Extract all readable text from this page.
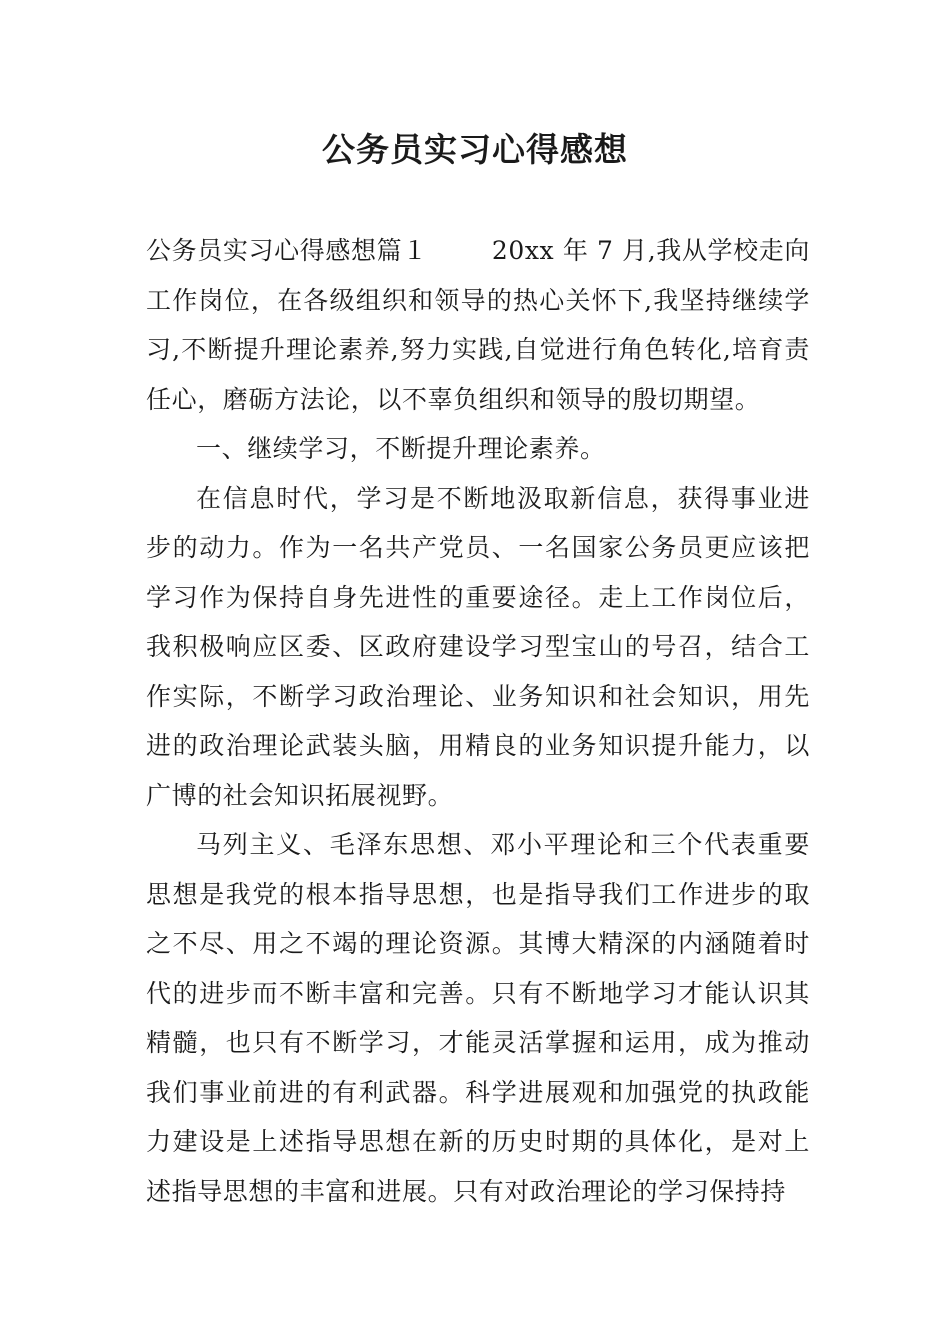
公务员实习心得感想

公务员实习心得感想篇１	20xx 年 7 月,我从学校走向工作岗位，在各级组织和领导的热心关怀下,我坚持继续学习,不断提升理论素养,努力实践,自觉进行角色转化,培育责任心，磨砺方法论，以不辜负组织和领导的殷切期望。

一、继续学习，不断提升理论素养。

在信息时代，学习是不断地汲取新信息，获得事业进步的动力。作为一名共产党员、一名国家公务员更应该把学习作为保持自身先进性的重要途径。走上工作岗位后，我积极响应区委、区政府建设学习型宝山的号召，结合工作实际，不断学习政治理论、业务知识和社会知识，用先进的政治理论武装头脑，用精良的业务知识提升能力，以广博的社会知识拓展视野。

马列主义、毛泽东思想、邓小平理论和三个代表重要思想是我党的根本指导思想，也是指导我们工作进步的取之不尽、用之不竭的理论资源。其博大精深的内涵随着时代的进步而不断丰富和完善。只有不断地学习才能认识其精髓，也只有不断学习，才能灵活掌握和运用，成为推动我们事业前进的有利武器。科学进展观和加强党的执政能力建设是上述指导思想在新的历史时期的具体化，是对上述指导思想的丰富和进展。只有对政治理论的学习保持持
